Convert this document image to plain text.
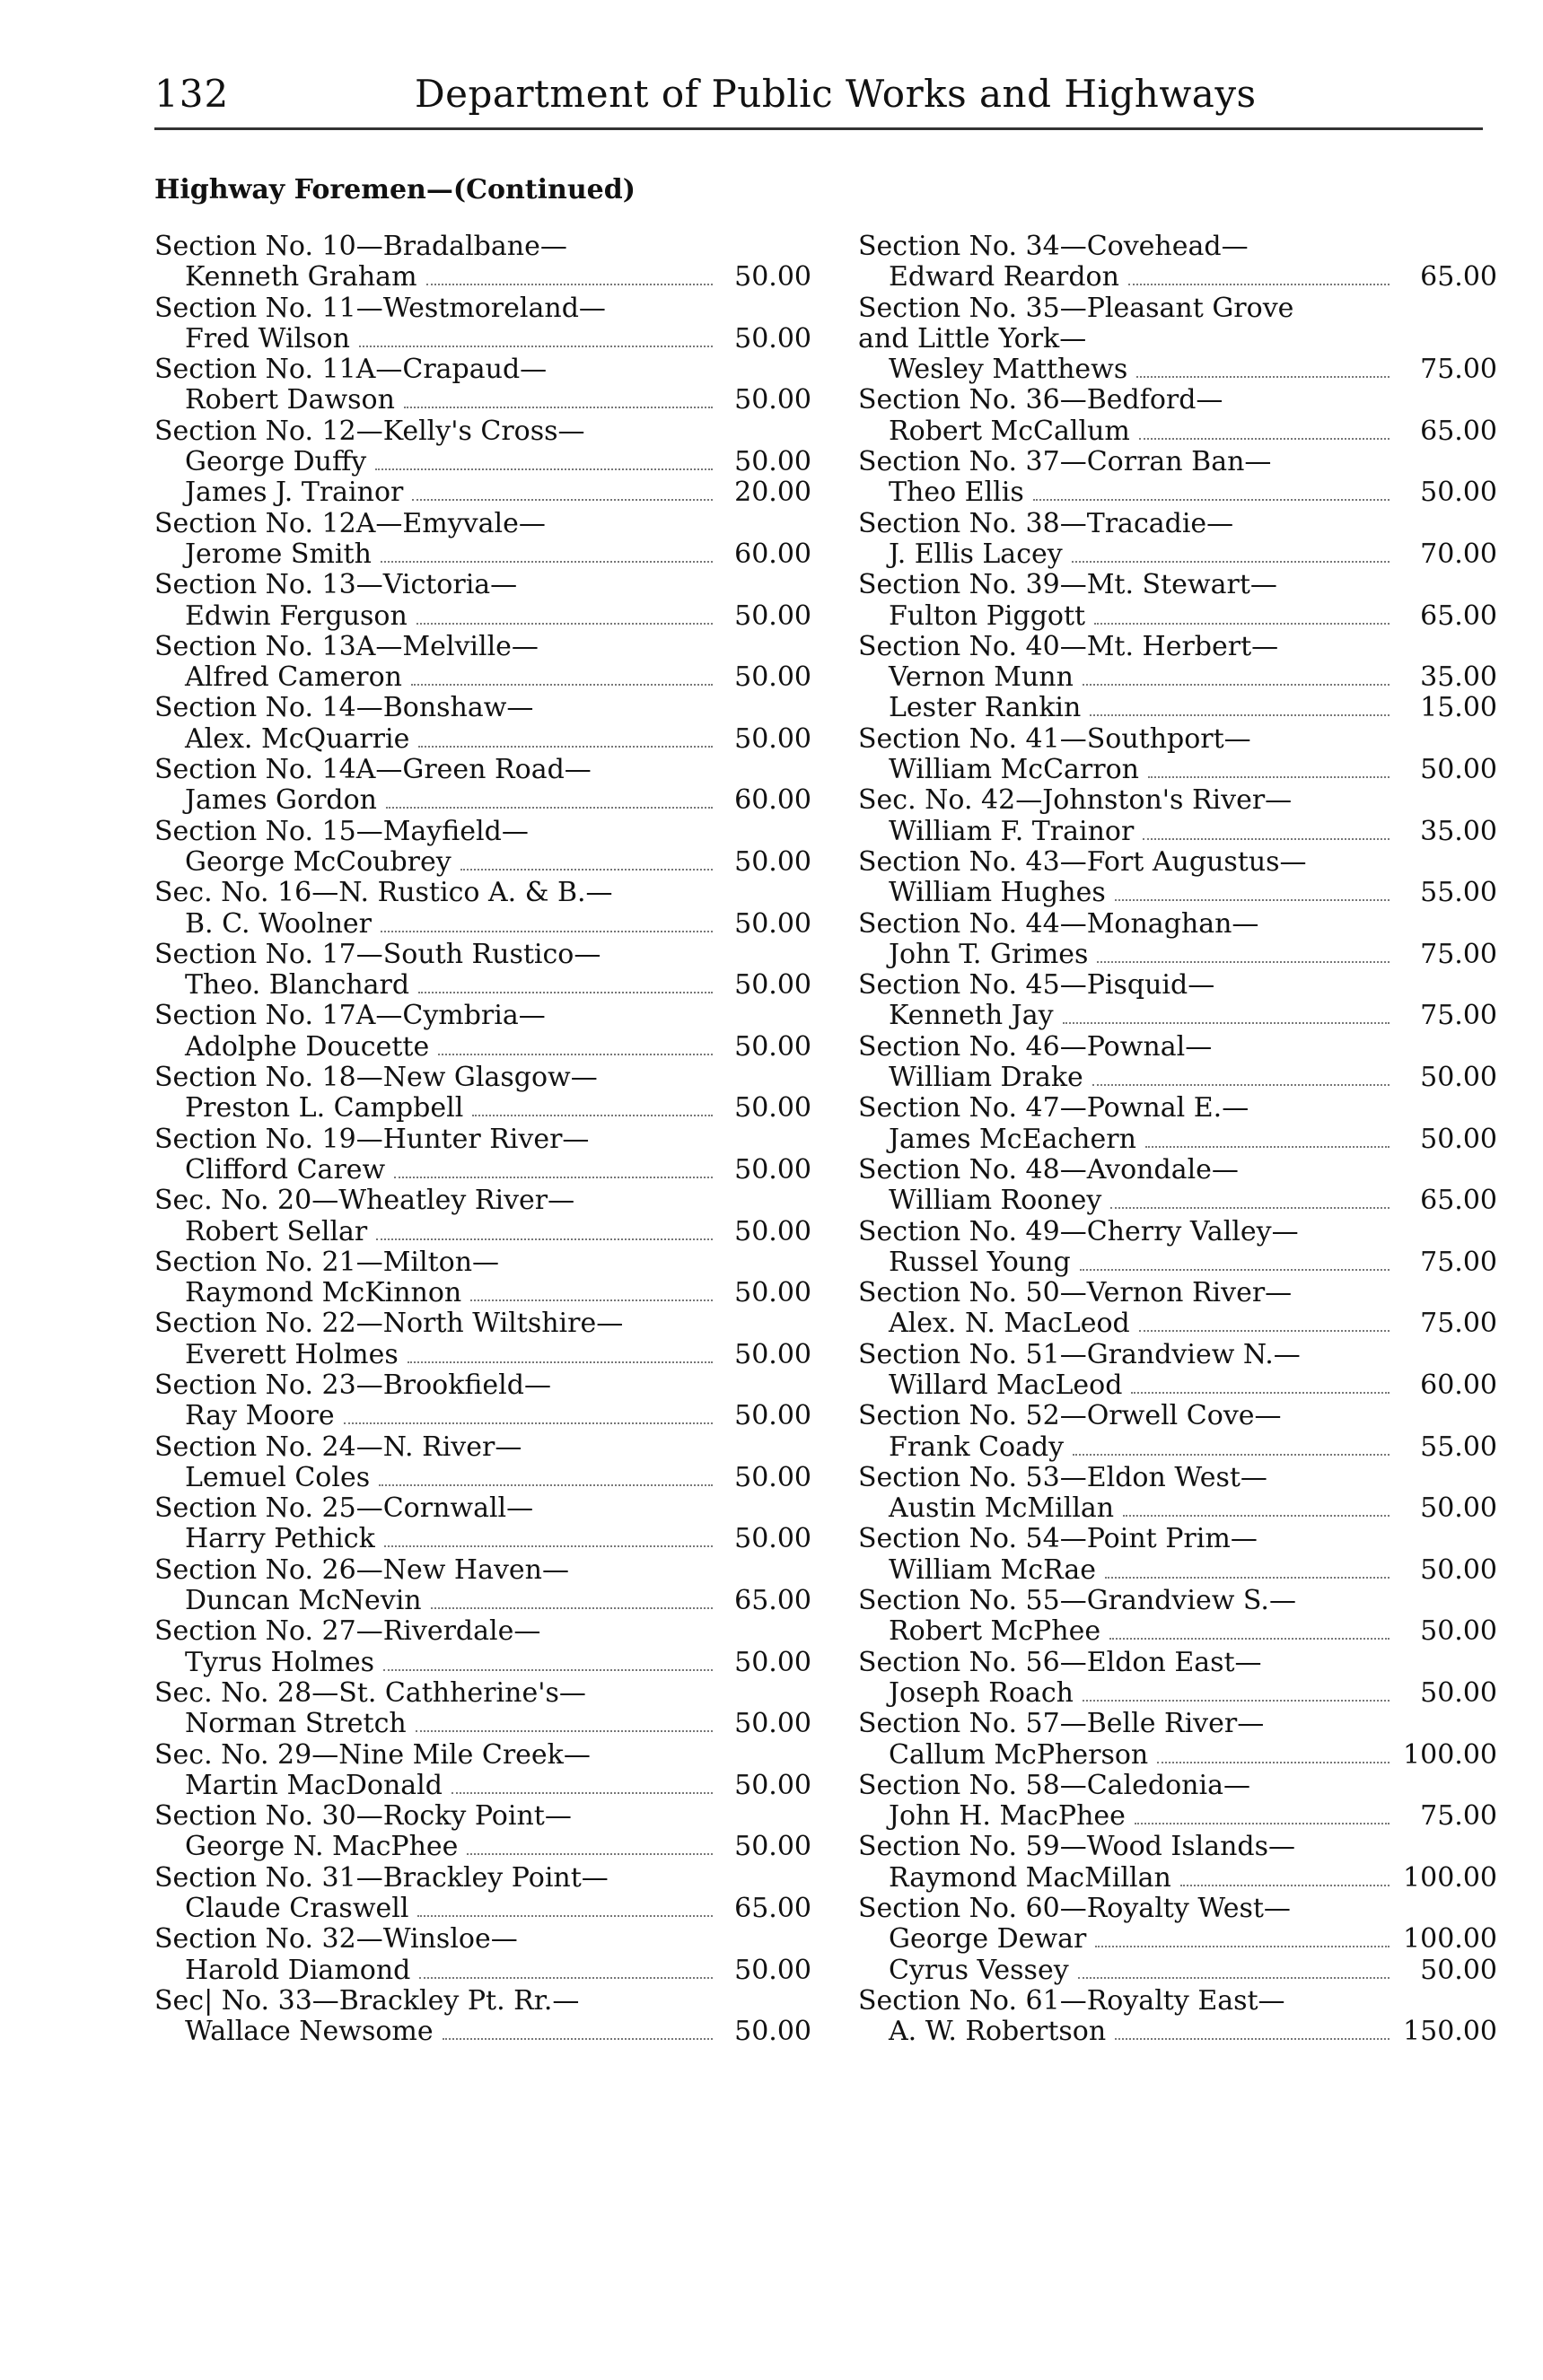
132	Department of Public Works and Highways
Highway Foremen—(Continued)
Section No. 10—Bradalbane—
Kenneth Graham	50.00
Section No. 11—Westmoreland—
Fred Wilson	50.00
Section No. 11A—Crapaud—
Robert Dawson	50.00
Section No. 12—Kelly's Cross—
George Duffy	50.00
James J. Trainor	20.00
Section No. 12A—Emyvale—
Jerome Smith	60.00
Section No. 13—Victoria—
Edwin Ferguson	50.00
Section No. 13A—Melville—
Alfred Cameron	50.00
Section No. 14—Bonshaw—
Alex. McQuarrie	50.00
Section No. 14A—Green Road—
James Gordon	60.00
Section No. 15—Mayfield—
George McCoubrey	50.00
Sec. No. 16—N. Rustico A. & B.—
B. C. Woolner	50.00
Section No. 17—South Rustico—
Theo. Blanchard	50.00
Section No. 17A—Cymbria—
Adolphe Doucette	50.00
Section No. 18—New Glasgow—
Preston L. Campbell	50.00
Section No. 19—Hunter River—
Clifford Carew	50.00
Sec. No. 20—Wheatley River—
Robert Sellar	50.00
Section No. 21—Milton—
Raymond McKinnon	50.00
Section No. 22—North Wiltshire—
Everett Holmes	50.00
Section No. 23—Brookfield—
Ray Moore	50.00
Section No. 24—N. River—
Lemuel Coles	50.00
Section No. 25—Cornwall—
Harry Pethick	50.00
Section No. 26—New Haven—
Duncan McNevin	65.00
Section No. 27—Riverdale—
Tyrus Holmes	50.00
Sec. No. 28—St. Cathherine's—
Norman Stretch	50.00
Sec. No. 29—Nine Mile Creek—
Martin MacDonald	50.00
Section No. 30—Rocky Point—
George N. MacPhee	50.00
Section No. 31—Brackley Point—
Claude Craswell	65.00
Section No. 32—Winsloe—
Harold Diamond	50.00
Sec| No. 33—Brackley Pt. Rr.—
Wallace Newsome	50.00
Section No. 34—Covehead—
Edward Reardon	65.00
Section No. 35—Pleasant Grove
and Little York—
Wesley Matthews	75.00
Section No. 36—Bedford—
Robert McCallum	65.00
Section No. 37—Corran Ban—
Theo Ellis	50.00
Section No. 38—Tracadie—
J. Ellis Lacey	70.00
Section No. 39—Mt. Stewart—
Fulton Piggott	65.00
Section No. 40—Mt. Herbert—
Vernon Munn	35.00
Lester Rankin	15.00
Section No. 41—Southport—
William McCarron	50.00
Sec. No. 42—Johnston's River—
William F. Trainor	35.00
Section No. 43—Fort Augustus—
William Hughes	55.00
Section No. 44—Monaghan—
John T. Grimes	75.00
Section No. 45—Pisquid—
Kenneth Jay	75.00
Section No. 46—Pownal—
William Drake	50.00
Section No. 47—Pownal E.—
James McEachern	50.00
Section No. 48—Avondale—
William Rooney	65.00
Section No. 49—Cherry Valley—
Russel Young	75.00
Section No. 50—Vernon River—
Alex. N. MacLeod	75.00
Section No. 51—Grandview N.—
Willard MacLeod	60.00
Section No. 52—Orwell Cove—
Frank Coady	55.00
Section No. 53—Eldon West—
Austin McMillan	50.00
Section No. 54—Point Prim—
William McRae	50.00
Section No. 55—Grandview S.—
Robert McPhee	50.00
Section No. 56—Eldon East—
Joseph Roach	50.00
Section No. 57—Belle River—
Callum McPherson	100.00
Section No. 58—Caledonia—
John H. MacPhee	75.00
Section No. 59—Wood Islands—
Raymond MacMillan	100.00
Section No. 60—Royalty West—
George Dewar	100.00
Cyrus Vessey	50.00
Section No. 61—Royalty East—
A. W. Robertson	150.00
